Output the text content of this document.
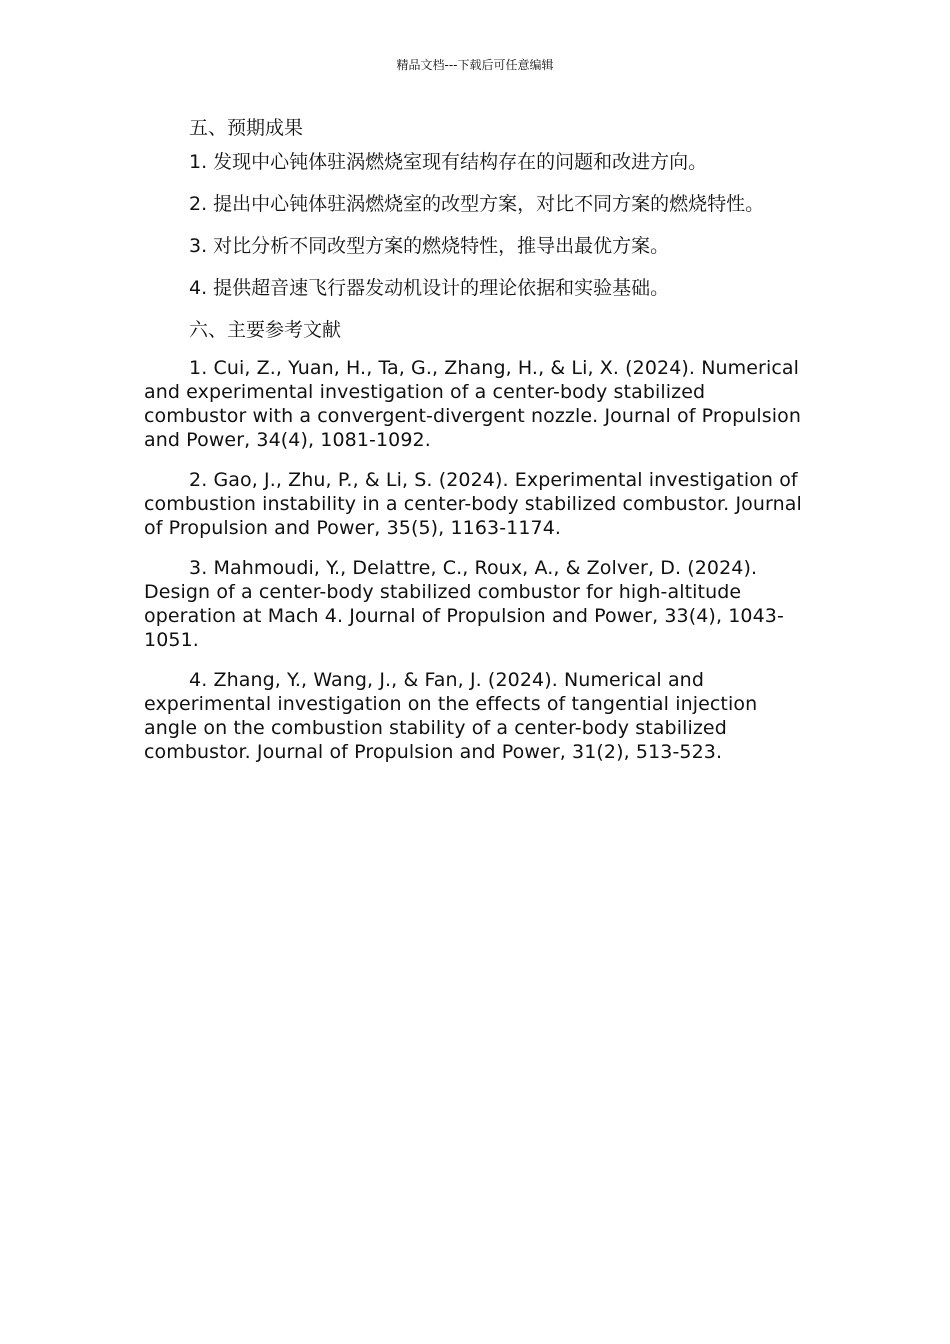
精品文档---下载后可任意编辑

五、预期成果

1. 发现中心钝体驻涡燃烧室现有结构存在的问题和改进方向。

2. 提出中心钝体驻涡燃烧室的改型方案，对比不同方案的燃烧特性。

3. 对比分析不同改型方案的燃烧特性，推导出最优方案。

4. 提供超音速飞行器发动机设计的理论依据和实验基础。

六、主要参考文献

1. Cui, Z., Yuan, H., Ta, G., Zhang, H., & Li, X. (2024). Numerical and experimental investigation of a center-body stabilized combustor with a convergent-divergent nozzle. Journal of Propulsion and Power, 34(4), 1081-1092.

2. Gao, J., Zhu, P., & Li, S. (2024). Experimental investigation of combustion instability in a center-body stabilized combustor. Journal of Propulsion and Power, 35(5), 1163-1174.

3. Mahmoudi, Y., Delattre, C., Roux, A., & Zolver, D. (2024). Design of a center-body stabilized combustor for high-altitude operation at Mach 4. Journal of Propulsion and Power, 33(4), 1043-1051.

4. Zhang, Y., Wang, J., & Fan, J. (2024). Numerical and experimental investigation on the effects of tangential injection angle on the combustion stability of a center-body stabilized combustor. Journal of Propulsion and Power, 31(2), 513-523.
